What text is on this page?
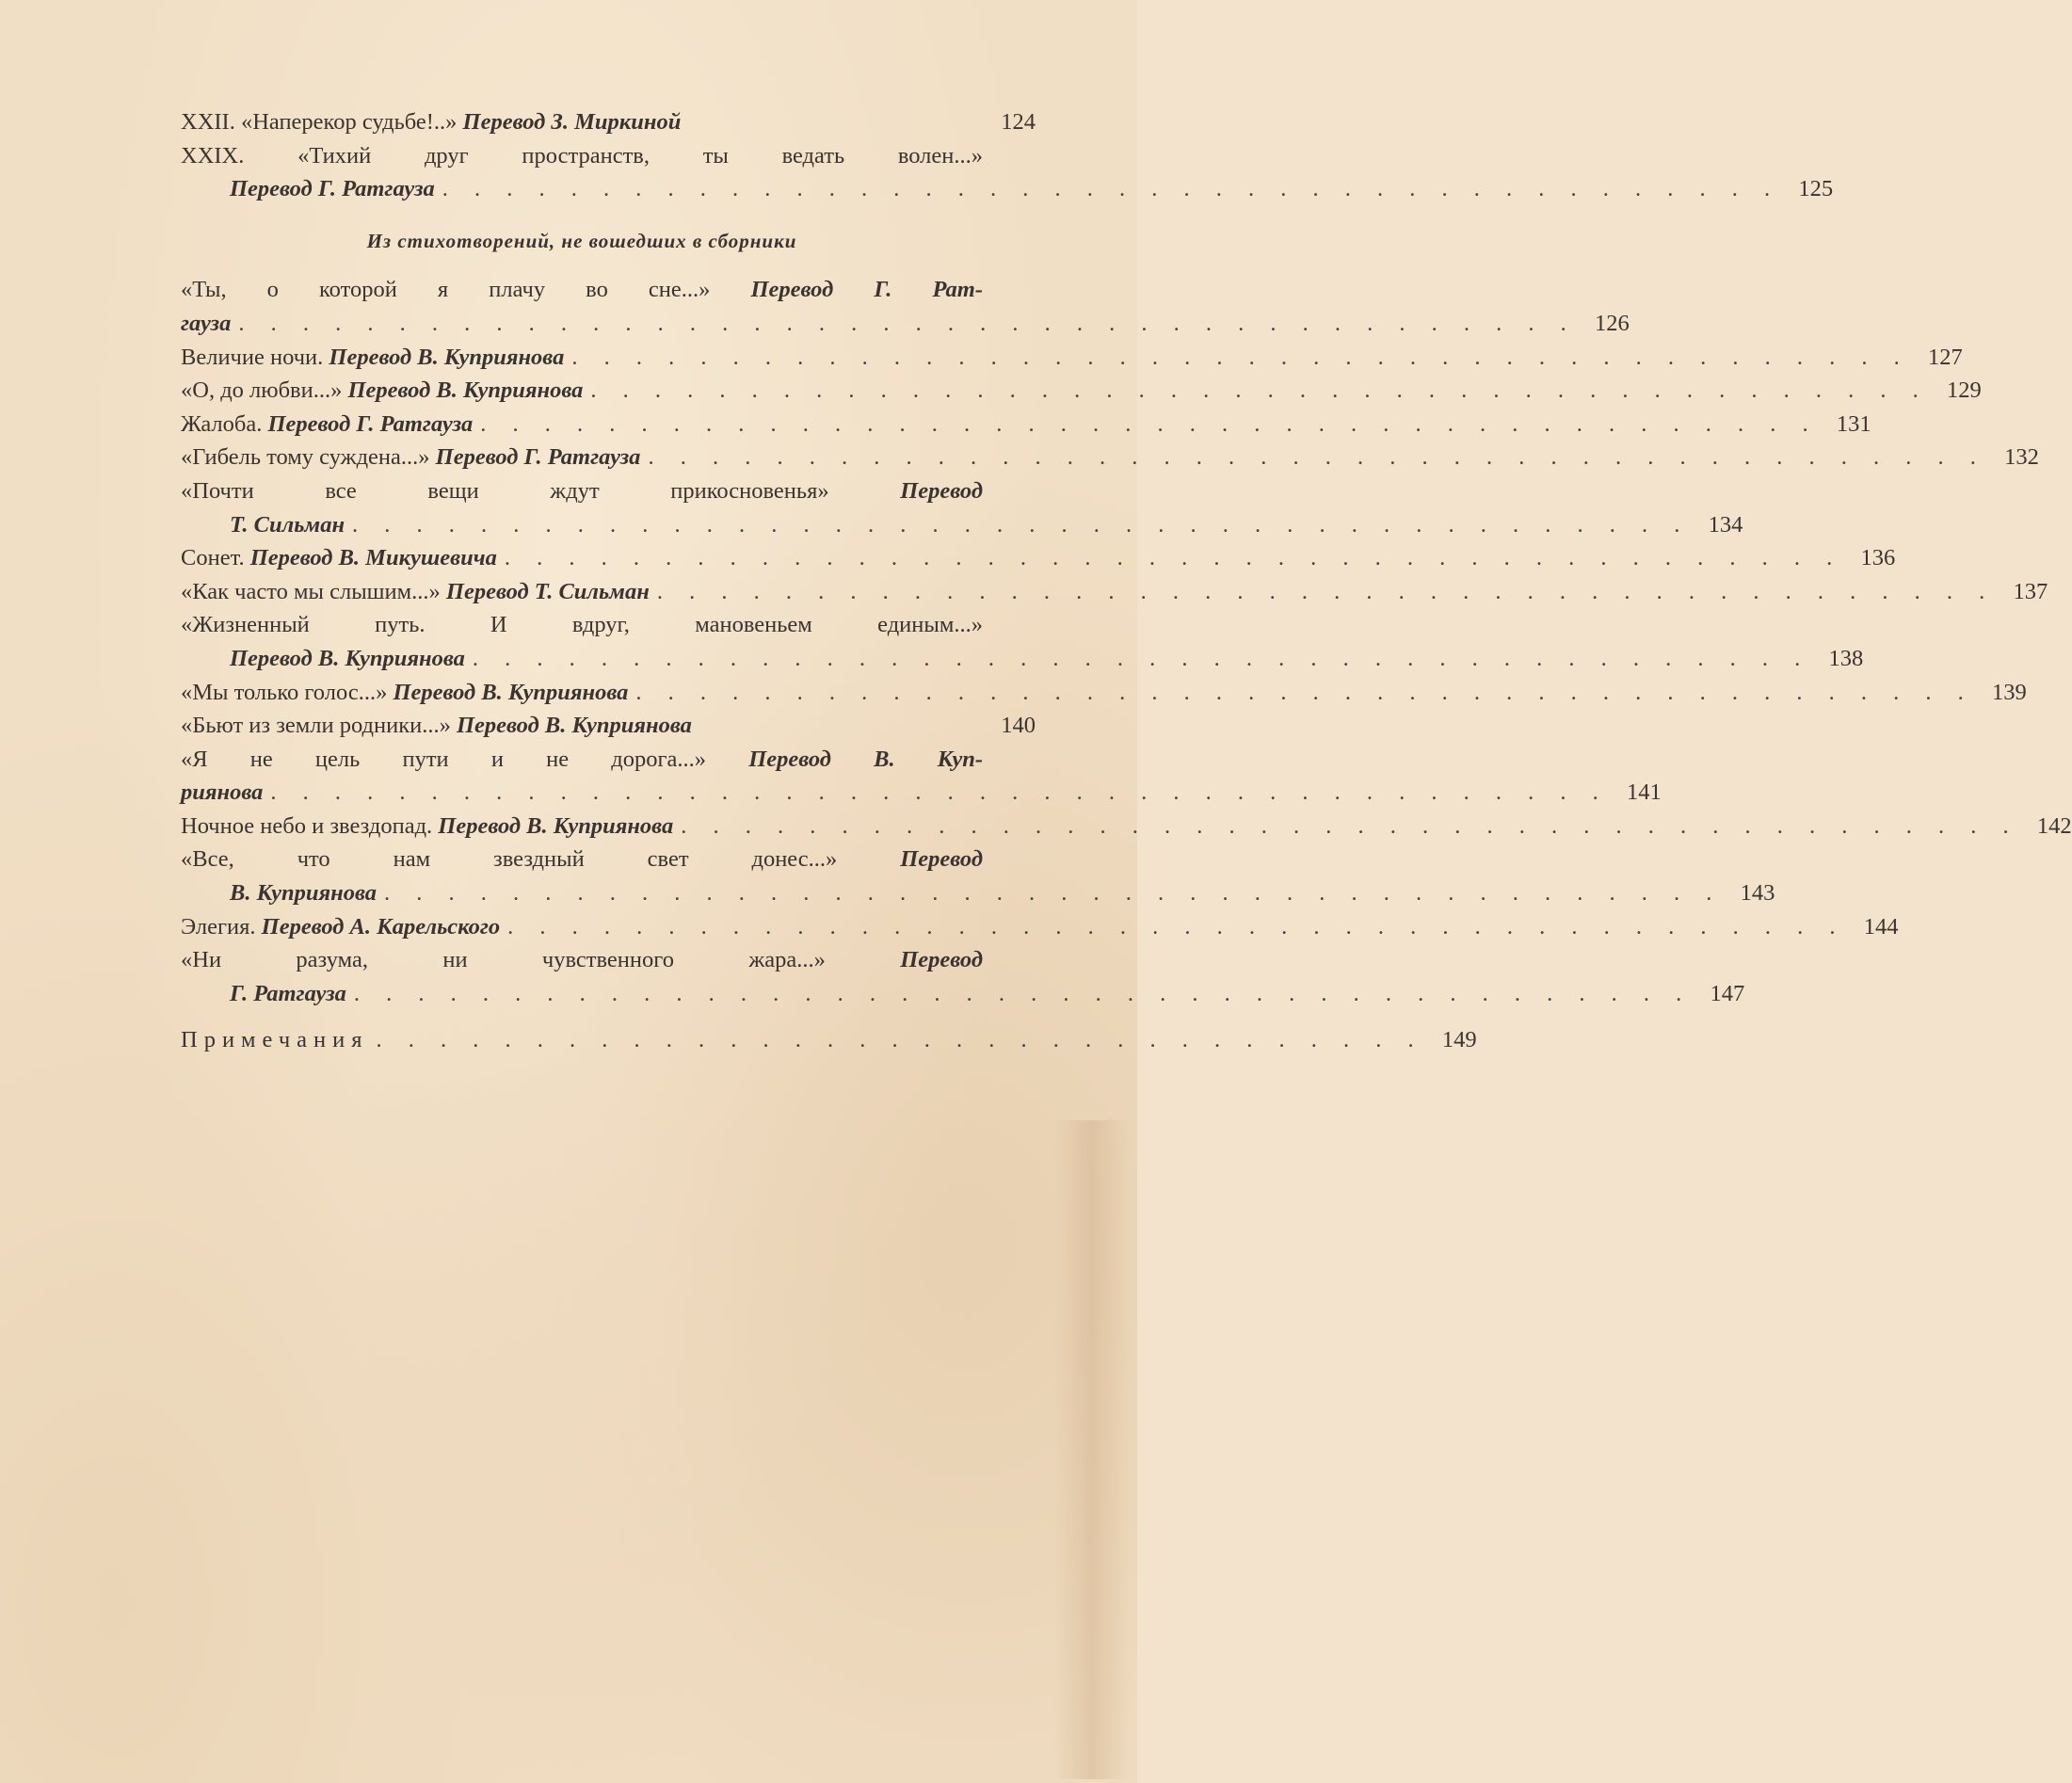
XXII. «Наперекор судьбе!..» Перевод З. Миркиной	124
XXIX. «Тихий друг пространств, ты ведать волен...»
Перевод Г. Ратгауза . . . . . . . . . . . . . . . . . . . . . . . . . . . . . . . . . . . . . . . . . . 125
Из стихотворений, не вошедших в сборники
«Ты, о которой я плачу во сне...» Перевод Г. Рат-
гауза . . . . . . . . . . . . . . . . . . . . . . . . . . . . . . . . . . . . . . . . . . 126
Величие ночи. Перевод В. Куприянова . . . . . . . . . . . . . . . . . . . . . . . . . . . . . . . . . . . . . . . . . . 127
«О, до любви...» Перевод В. Куприянова . . . . . . . . . . . . . . . . . . . . . . . . . . . . . . . . . . . . . . . . . . 129
Жалоба. Перевод Г. Ратгауза . . . . . . . . . . . . . . . . . . . . . . . . . . . . . . . . . . . . . . . . . . 131
«Гибель тому суждена...» Перевод Г. Ратгауза . . . . . . . . . . . . . . . . . . . . . . . . . . . . . . . . . . . . . . . . . . 132
«Почти все вещи ждут прикосновенья» Перевод
Т. Сильман . . . . . . . . . . . . . . . . . . . . . . . . . . . . . . . . . . . . . . . . . . 134
Сонет. Перевод В. Микушевича . . . . . . . . . . . . . . . . . . . . . . . . . . . . . . . . . . . . . . . . . . 136
«Как часто мы слышим...» Перевод Т. Сильман . . . . . . . . . . . . . . . . . . . . . . . . . . . . . . . . . . . . . . . . . . 137
«Жизненный путь. И вдруг, мановеньем единым...»
Перевод В. Куприянова . . . . . . . . . . . . . . . . . . . . . . . . . . . . . . . . . . . . . . . . . . 138
«Мы только голос...» Перевод В. Куприянова . . . . . . . . . . . . . . . . . . . . . . . . . . . . . . . . . . . . . . . . . . 139
«Бьют из земли родники...» Перевод В. Куприянова	140
«Я не цель пути и не дорога...» Перевод В. Куп-
риянова . . . . . . . . . . . . . . . . . . . . . . . . . . . . . . . . . . . . . . . . . . 141
Ночное небо и звездопад. Перевод В. Куприянова . . . . . . . . . . . . . . . . . . . . . . . . . . . . . . . . . . . . . . . . . . 142
«Все, что нам звездный свет донес...» Перевод
В. Куприянова . . . . . . . . . . . . . . . . . . . . . . . . . . . . . . . . . . . . . . . . . . 143
Элегия. Перевод А. Карельского . . . . . . . . . . . . . . . . . . . . . . . . . . . . . . . . . . . . . . . . . . 144
«Ни разума, ни чувственного жара...» Перевод
Г. Ратгауза . . . . . . . . . . . . . . . . . . . . . . . . . . . . . . . . . . . . . . . . . . 147
Примечания . . . . . . . . . . . . . . . . . . . . . . . . . . . . . . . . . 149
